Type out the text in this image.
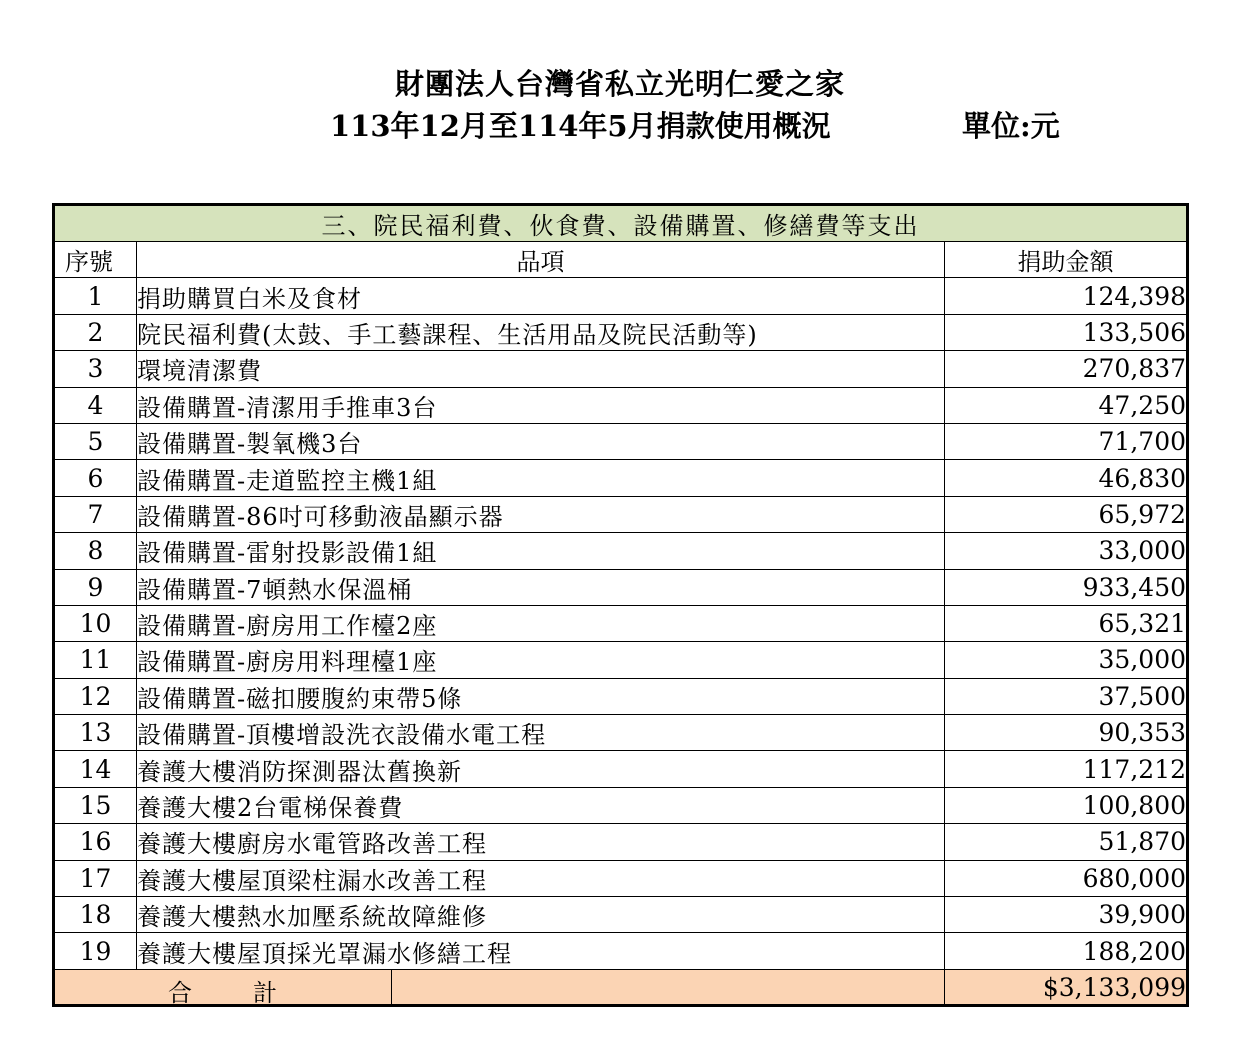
財團法人台灣省私立光明仁愛之家
113年12月至114年5月捐款使用概況	單位:元
三、院民福利費、伙食費、設備購置、修繕費等支出		
序號	品項	捐助金額
1	捐助購買白米及食材	124,398
2	院民福利費(太鼓、手工藝課程、生活用品及院民活動等)	133,506
3	環境清潔費	270,837
4	設備購置-清潔用手推車3台	47,250
5	設備購置-製氧機3台	71,700
6	設備購置-走道監控主機1組	46,830
7	設備購置-86吋可移動液晶顯示器	65,972
8	設備購置-雷射投影設備1組	33,000
9	設備購置-7頓熱水保溫桶	933,450
10	設備購置-廚房用工作檯2座	65,321
11	設備購置-廚房用料理檯1座	35,000
12	設備購置-磁扣腰腹約束帶5條	37,500
13	設備購置-頂樓增設洗衣設備水電工程	90,353
14	養護大樓消防探測器汰舊換新	117,212
15	養護大樓2台電梯保養費	100,800
16	養護大樓廚房水電管路改善工程	51,870
17	養護大樓屋頂梁柱漏水改善工程	680,000
18	養護大樓熱水加壓系統故障維修	39,900
19	養護大樓屋頂採光罩漏水修繕工程	188,200

合 計		$3,133,099
